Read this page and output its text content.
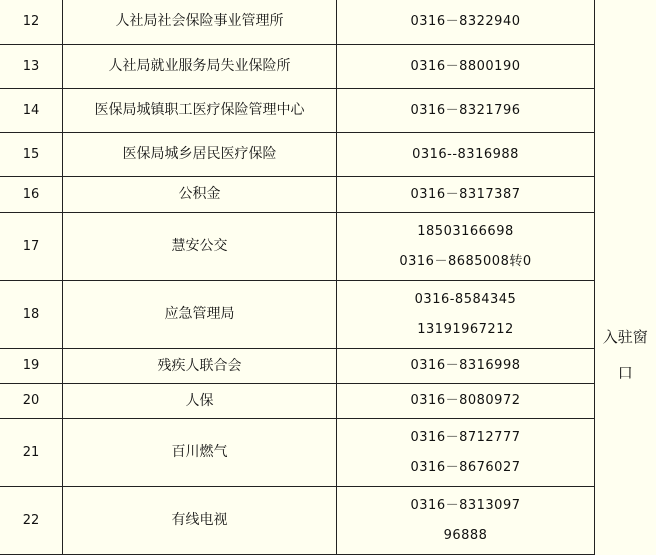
12	人社局社会保险事业管理所	0316－8322940	入驻窗口
13	人社局就业服务局失业保险所	0316－8800190	

14	医保局城镇职工医疗保险管理中心	0316－8321796	

15	医保局城乡居民医疗保险	0316--8316988	

16	公积金	0316－8317387	

17	慧安公交	18503166698
0316－8685008转0	

18	应急管理局	0316-8584345
13191967212	

19	残疾人联合会	0316－8316998	

20	人保	0316－8080972	

21	百川燃气	0316－8712777
0316－8676027	

22	有线电视	0316－8313097
96888	
